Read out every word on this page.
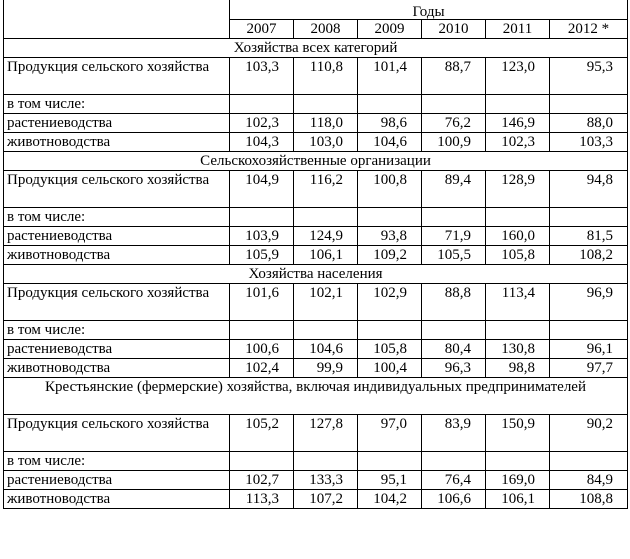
	Годы					
	2007	2008	2009	2010	2011	2012 *
Хозяйства всех категорий						
Продукция сельского хозяйства	103,3	110,8	101,4	88,7	123,0	95,3
в том числе:						
растениеводства	102,3	118,0	98,6	76,2	146,9	88,0
животноводства	104,3	103,0	104,6	100,9	102,3	103,3
Сельскохозяйственные организации						
Продукция сельского хозяйства	104,9	116,2	100,8	89,4	128,9	94,8
в том числе:						
растениеводства	103,9	124,9	93,8	71,9	160,0	81,5
животноводства	105,9	106,1	109,2	105,5	105,8	108,2
Хозяйства населения						
Продукция сельского хозяйства	101,6	102,1	102,9	88,8	113,4	96,9
в том числе:						
растениеводства	100,6	104,6	105,8	80,4	130,8	96,1
животноводства	102,4	99,9	100,4	96,3	98,8	97,7
Крестьянские (фермерские) хозяйства, включая индивидуальных предпринимателей						
Продукция сельского хозяйства	105,2	127,8	97,0	83,9	150,9	90,2
в том числе:						
растениеводства	102,7	133,3	95,1	76,4	169,0	84,9
животноводства	113,3	107,2	104,2	106,6	106,1	108,8
